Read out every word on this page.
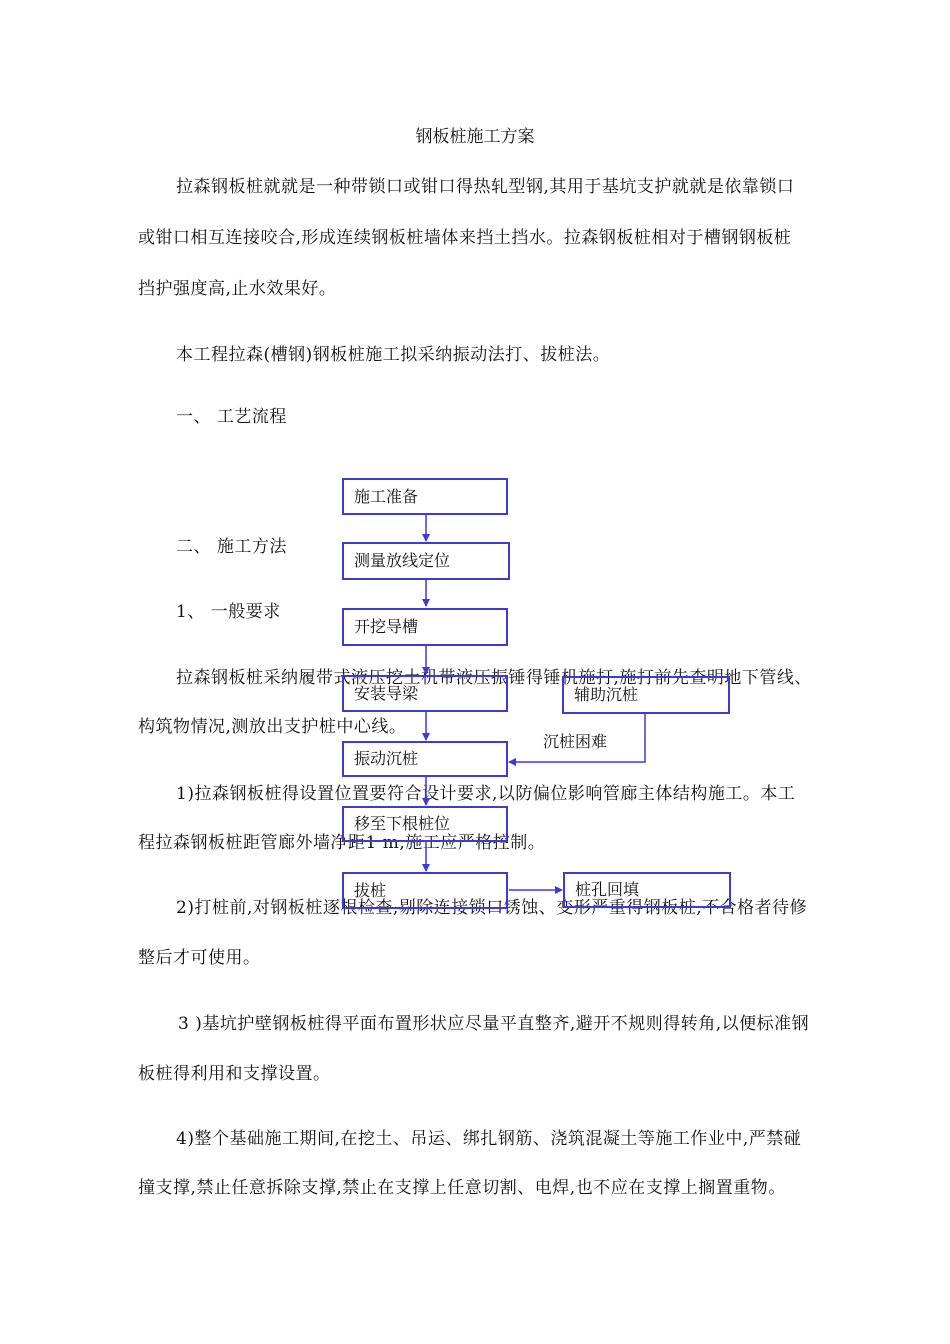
钢板桩施工方案
拉森钢板桩就就是一种带锁口或钳口得热轧型钢,其用于基坑支护就就是依靠锁口
或钳口相互连接咬合,形成连续钢板桩墙体来挡土挡水。拉森钢板桩相对于槽钢钢板桩
挡护强度高,止水效果好。
本工程拉森(槽钢)钢板桩施工拟采纳振动法打、拔桩法。
一、 工艺流程
二、 施工方法
1、 一般要求
拉森钢板桩采纳履带式液压挖土机带液压振锤得锤机施打,施打前先查明地下管线、
构筑物情况,测放出支护桩中心线。
1)拉森钢板桩得设置位置要符合设计要求,以防偏位影响管廊主体结构施工。本工
程拉森钢板桩距管廊外墙净距1 m,施工应严格控制。
2)打桩前,对钢板桩逐根检查,剔除连接锁口锈蚀、变形严重得钢板桩,不合格者待修
整后才可使用。
3 )基坑护壁钢板桩得平面布置形状应尽量平直整齐,避开不规则得转角,以便标准钢
板桩得利用和支撑设置。
4)整个基础施工期间,在挖土、吊运、绑扎钢筋、浇筑混凝土等施工作业中,严禁碰
撞支撑,禁止任意拆除支撑,禁止在支撑上任意切割、电焊,也不应在支撑上搁置重物。
施工准备
测量放线定位
开挖导槽
安装导梁
振动沉桩
移至下根桩位
拔桩
辅助沉桩
桩孔回填
沉桩困难
